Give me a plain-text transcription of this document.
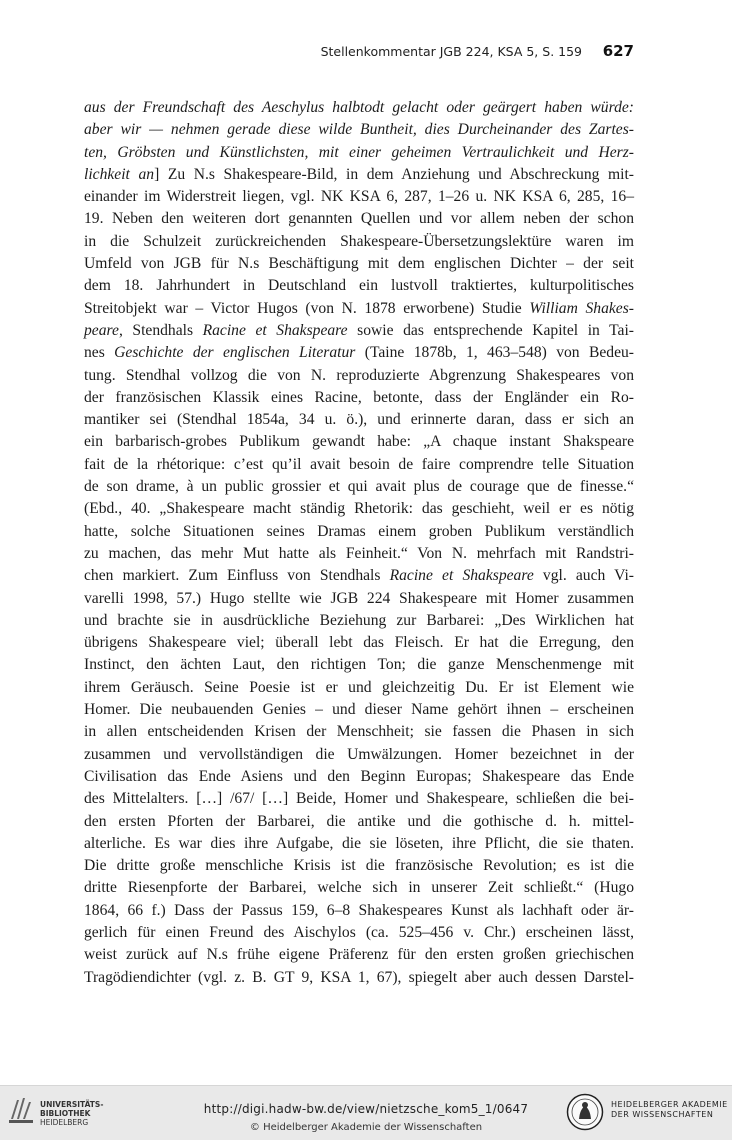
Stellenkommentar JGB 224, KSA 5, S. 159 627
aus der Freundschaft des Aeschylus halbtodt gelacht oder geärgert haben würde:
aber wir — nehmen gerade diese wilde Buntheit, dies Durcheinander des Zartes-
ten, Gröbsten und Künstlichsten, mit einer geheimen Vertraulichkeit und Herz-
lichkeit an] Zu N.s Shakespeare-Bild, in dem Anziehung und Abschreckung mit-
einander im Widerstreit liegen, vgl. NK KSA 6, 287, 1–26 u. NK KSA 6, 285, 16–
19. Neben den weiteren dort genannten Quellen und vor allem neben der schon
in die Schulzeit zurückreichenden Shakespeare-Übersetzungslektüre waren im
Umfeld von JGB für N.s Beschäftigung mit dem englischen Dichter – der seit
dem 18. Jahrhundert in Deutschland ein lustvoll traktiertes, kulturpolitisches
Streitobjekt war – Victor Hugos (von N. 1878 erworbene) Studie William Shakes-
peare, Stendhals Racine et Shakspeare sowie das entsprechende Kapitel in Tai-
nes Geschichte der englischen Literatur (Taine 1878b, 1, 463–548) von Bedeu-
tung. Stendhal vollzog die von N. reproduzierte Abgrenzung Shakespeares von
der französischen Klassik eines Racine, betonte, dass der Engländer ein Ro-
mantiker sei (Stendhal 1854a, 34 u. ö.), und erinnerte daran, dass er sich an
ein barbarisch-grobes Publikum gewandt habe: „A chaque instant Shakspeare
fait de la rhétorique: c’est qu’il avait besoin de faire comprendre telle Situation
de son drame, à un public grossier et qui avait plus de courage que de finesse.“
(Ebd., 40. „Shakespeare macht ständig Rhetorik: das geschieht, weil er es nötig
hatte, solche Situationen seines Dramas einem groben Publikum verständlich
zu machen, das mehr Mut hatte als Feinheit.“ Von N. mehrfach mit Randstri-
chen markiert. Zum Einfluss von Stendhals Racine et Shakspeare vgl. auch Vi-
varelli 1998, 57.) Hugo stellte wie JGB 224 Shakespeare mit Homer zusammen
und brachte sie in ausdrückliche Beziehung zur Barbarei: „Des Wirklichen hat
übrigens Shakespeare viel; überall lebt das Fleisch. Er hat die Erregung, den
Instinct, den ächten Laut, den richtigen Ton; die ganze Menschenmenge mit
ihrem Geräusch. Seine Poesie ist er und gleichzeitig Du. Er ist Element wie
Homer. Die neubauenden Genies – und dieser Name gehört ihnen – erscheinen
in allen entscheidenden Krisen der Menschheit; sie fassen die Phasen in sich
zusammen und vervollständigen die Umwälzungen. Homer bezeichnet in der
Civilisation das Ende Asiens und den Beginn Europas; Shakespeare das Ende
des Mittelalters. […] /67/ […] Beide, Homer und Shakespeare, schließen die bei-
den ersten Pforten der Barbarei, die antike und die gothische d. h. mittel-
alterliche. Es war dies ihre Aufgabe, die sie löseten, ihre Pflicht, die sie thaten.
Die dritte große menschliche Krisis ist die französische Revolution; es ist die
dritte Riesenpforte der Barbarei, welche sich in unserer Zeit schließt.“ (Hugo
1864, 66 f.) Dass der Passus 159, 6–8 Shakespeares Kunst als lachhaft oder är-
gerlich für einen Freund des Aischylos (ca. 525–456 v. Chr.) erscheinen lässt,
weist zurück auf N.s frühe eigene Präferenz für den ersten großen griechischen
Tragödiendichter (vgl. z. B. GT 9, KSA 1, 67), spiegelt aber auch dessen Darstel-
UNIVERSITÄTS-
BIBLIOTHEK
HEIDELBERG
http://digi.hadw-bw.de/view/nietzsche_kom5_1/0647
© Heidelberger Akademie der Wissenschaften
HEIDELBERGER AKADEMIE
DER WISSENSCHAFTEN
